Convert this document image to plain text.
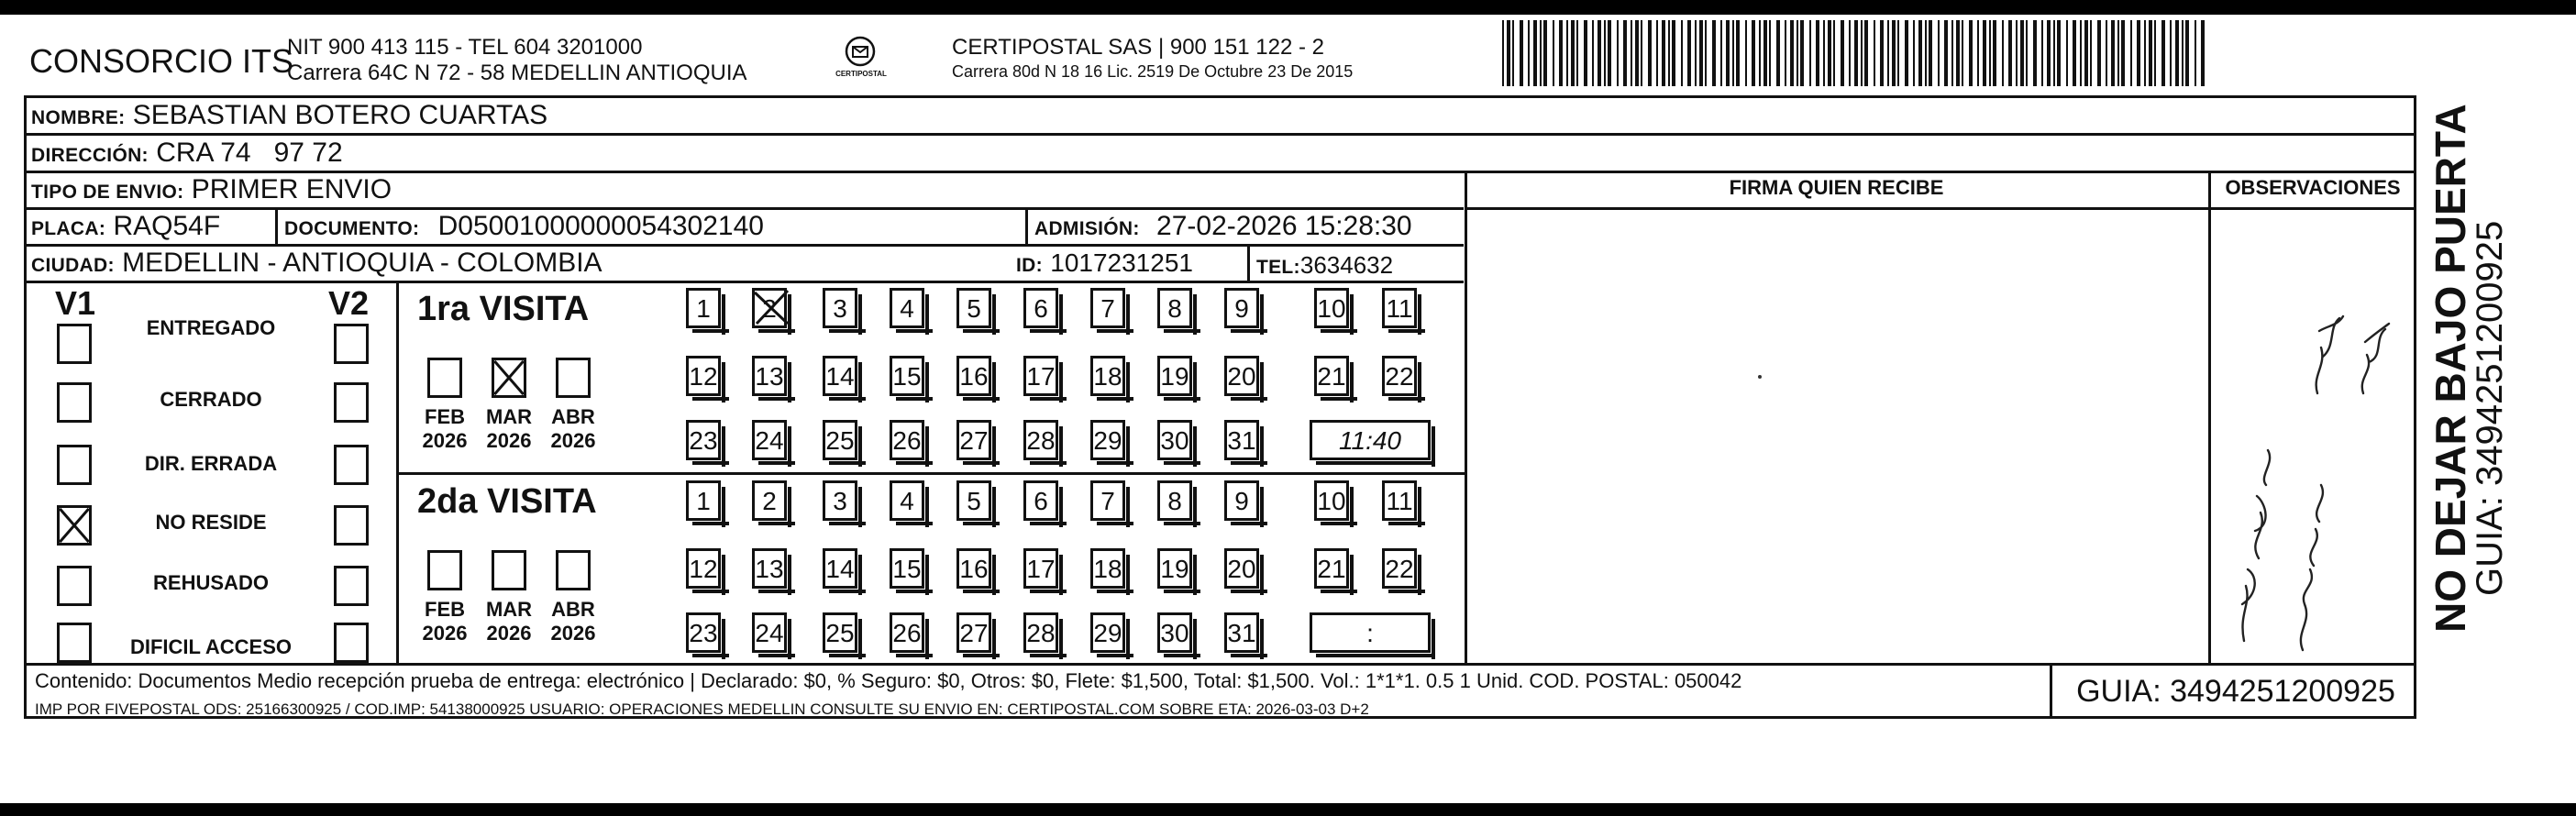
CONSORCIO ITS
NIT 900 413 115 - TEL 604 3201000
Carrera 64C N 72 - 58 MEDELLIN ANTIOQUIA	CERTIPOSTAL
CERTIPOSTAL SAS | 900 151 122 - 2
Carrera 80d N 18 16 Lic. 2519 De Octubre 23 De 2015
NOMBRE: SEBASTIAN BOTERO CUARTAS
DIRECCIÓN: CRA 74   97 72
TIPO DE ENVIO: PRIMER ENVIO
PLACA: RAQ54F	DOCUMENTO: D05001000000054302140	ADMISIÓN: 27-02-2026 15:28:30
CIUDAD: MEDELLIN - ANTIOQUIA - COLOMBIA	ID: 1017231251	TEL:3634632
FIRMA QUIEN RECIBE	OBSERVACIONES
V1	V2
ENTREGADO
CERRADO
DIR. ERRADA
NO RESIDE
REHUSADO
DIFICIL ACCESO
1ra VISITA
FEB
2026
MAR
2026
ABR
2026
1	2	3	4	5	6	7	8	9	10 11
12 13 14 15 16 17 18 19 20 21 22
23 24 25 26 27 28 29 30 31	11:40
2da VISITA
FEB
2026
MAR
2026
ABR
2026
1	2	3	4	5	6	7	8	9	10 11
12 13 14 15 16 17 18 19 20 21 22
23 24 25 26 27 28 29 30 31	:
Contenido: Documentos Medio recepción prueba de entrega: electrónico | Declarado: $0, % Seguro: $0, Otros: $0, Flete: $1,500, Total: $1,500. Vol.: 1*1*1. 0.5 1 Unid. COD. POSTAL: 050042
IMP POR FIVEPOSTAL ODS: 25166300925 / COD.IMP: 54138000925 USUARIO: OPERACIONES MEDELLIN CONSULTE SU ENVIO EN: CERTIPOSTAL.COM SOBRE ETA: 2026-03-03 D+2
GUIA: 3494251200925
NO DEJAR BAJO PUERTA
GUIA: 3494251200925
